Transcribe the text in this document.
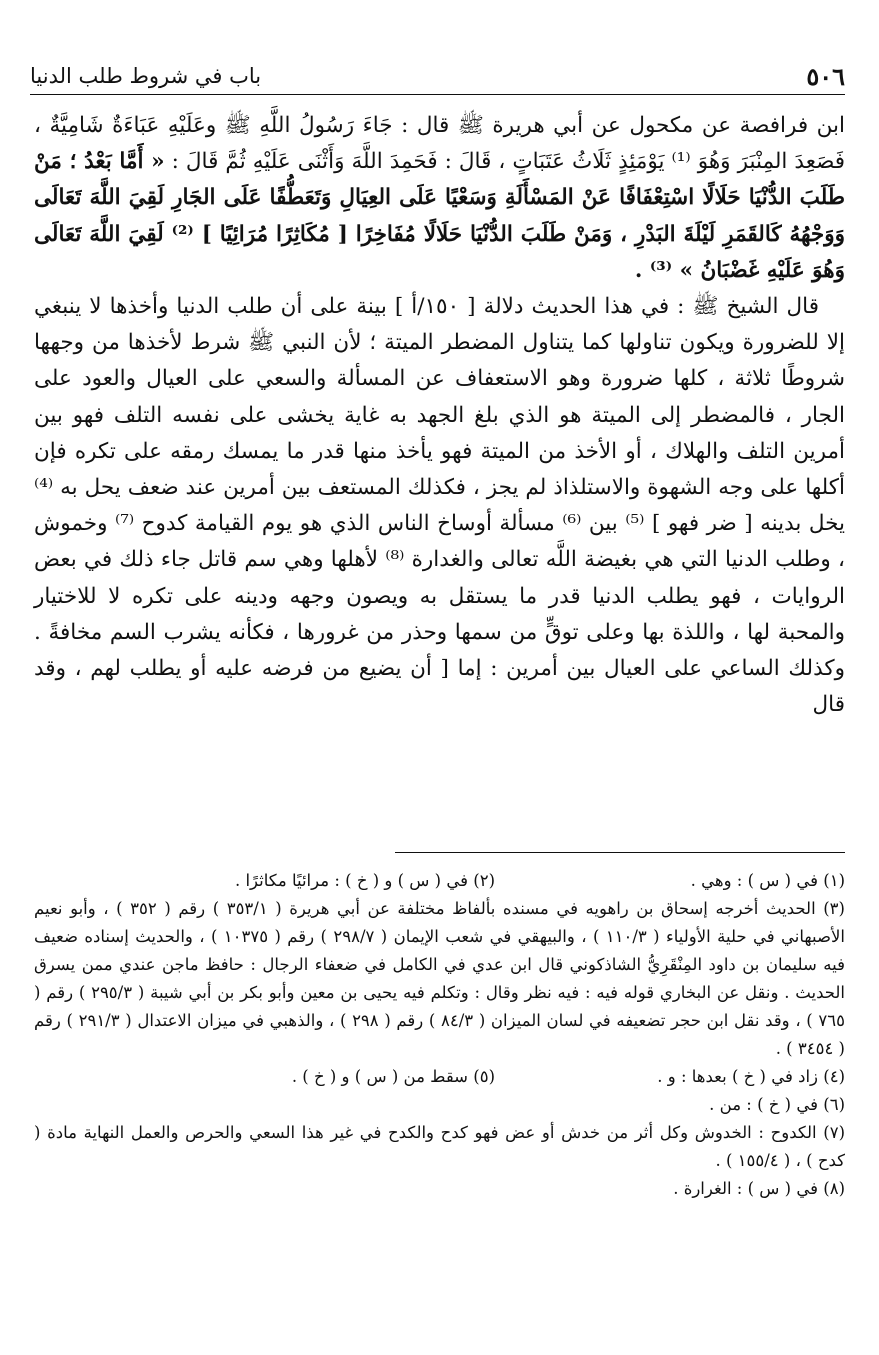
٥٠٦
باب في شروط طلب الدنيا

ابن فرافصة عن مكحول عن أبي هريرة ﷺ قال : جَاءَ رَسُولُ اللَّهِ ﷺ وعَلَيْهِ عَبَاءَةٌ شَامِيَّةٌ ، فَصَعِدَ المِنْبَرَ وَهُوَ ⁽¹⁾ يَوْمَئِذٍ ثَلَاثُ عَتَبَاتٍ ، قَالَ : فَحَمِدَ اللَّهَ وَأَثْنَى عَلَيْهِ ثُمَّ قَالَ : « أَمَّا بَعْدُ ؛ مَنْ طَلَبَ الدُّنْيَا حَلَالًا اسْتِعْفَافًا عَنْ المَسْأَلَةِ وَسَعْيًا عَلَى العِيَالِ وَتَعَطُّفًا عَلَى الجَارِ لَقِيَ اللَّهَ تَعَالَى وَوَجْهُهُ كَالقَمَرِ لَيْلَةَ البَدْرِ ، وَمَنْ طَلَبَ الدُّنْيَا حَلَالًا مُفَاخِرًا [ مُكَاثِرًا مُرَائِيًا ] ⁽²⁾ لَقِيَ اللَّهَ تَعَالَى وَهُوَ عَلَيْهِ غَضْبَانُ » ⁽³⁾ .

قال الشيخ ﷺ : في هذا الحديث دلالة [ ١٥٠/أ ] بينة على أن طلب الدنيا وأخذها لا ينبغي إلا للضرورة ويكون تناولها كما يتناول المضطر الميتة ؛ لأن النبي ﷺ شرط لأخذها من وجهها شروطًا ثلاثة ، كلها ضرورة وهو الاستعفاف عن المسألة والسعي على العيال والعود على الجار ، فالمضطر إلى الميتة هو الذي بلغ الجهد به غاية يخشى على نفسه التلف فهو بين أمرين التلف والهلاك ، أو الأخذ من الميتة فهو يأخذ منها قدر ما يمسك رمقه على تكره فإن أكلها على وجه الشهوة والاستلذاذ لم يجز ، فكذلك المستعف بين أمرين عند ضعف يحل به ⁽⁴⁾ يخل بدينه [ ضر فهو ] ⁽⁵⁾ بين ⁽⁶⁾ مسألة أوساخ الناس الذي هو يوم القيامة كدوح ⁽⁷⁾ وخموش ، وطلب الدنيا التي هي بغيضة اللَّه تعالى والغدارة ⁽⁸⁾ لأهلها وهي سم قاتل جاء ذلك في بعض الروايات ، فهو يطلب الدنيا قدر ما يستقل به ويصون وجهه ودينه على تكره لا للاختيار والمحبة لها ، واللذة بها وعلى توقٍّ من سمها وحذر من غرورها ، فكأنه يشرب السم مخافةً . وكذلك الساعي على العيال بين أمرين : إما [ أن يضيع من فرضه عليه أو يطلب لهم ، وقد قال

(١) في ( س ) : وهي .
(٢) في ( س ) و ( خ ) : مرائيًا مكاثرًا .

(٣) الحديث أخرجه إسحاق بن راهويه في مسنده بألفاظ مختلفة عن أبي هريرة ( ٣٥٣/١ ) رقم ( ٣٥٢ ) ، وأبو نعيم الأصبهاني في حلية الأولياء ( ١١٠/٣ ) ، والبيهقي في شعب الإيمان ( ٢٩٨/٧ ) رقم ( ١٠٣٧٥ ) ، والحديث إسناده ضعيف فيه سليمان بن داود المِنْقَرِيُّ الشاذكوني قال ابن عدي في الكامل في ضعفاء الرجال : حافظ ماجن عندي ممن يسرق الحديث . ونقل عن البخاري قوله فيه : فيه نظر وقال : وتكلم فيه يحيى بن معين وأبو بكر بن أبي شيبة ( ٢٩٥/٣ ) رقم ( ٧٦٥ ) ، وقد نقل ابن حجر تضعيفه في لسان الميزان ( ٨٤/٣ ) رقم ( ٢٩٨ ) ، والذهبي في ميزان الاعتدال ( ٢٩١/٣ ) رقم ( ٣٤٥٤ ) .

(٤) زاد في ( خ ) بعدها : و .
(٥) سقط من ( س ) و ( خ ) .

(٦) في ( خ ) : من .

(٧) الكدوح : الخدوش وكل أثر من خدش أو عض فهو كدح والكدح في غير هذا السعي والحرص والعمل النهاية مادة ( كدح ) ، ( ١٥٥/٤ ) .

(٨) في ( س ) : الغرارة .
